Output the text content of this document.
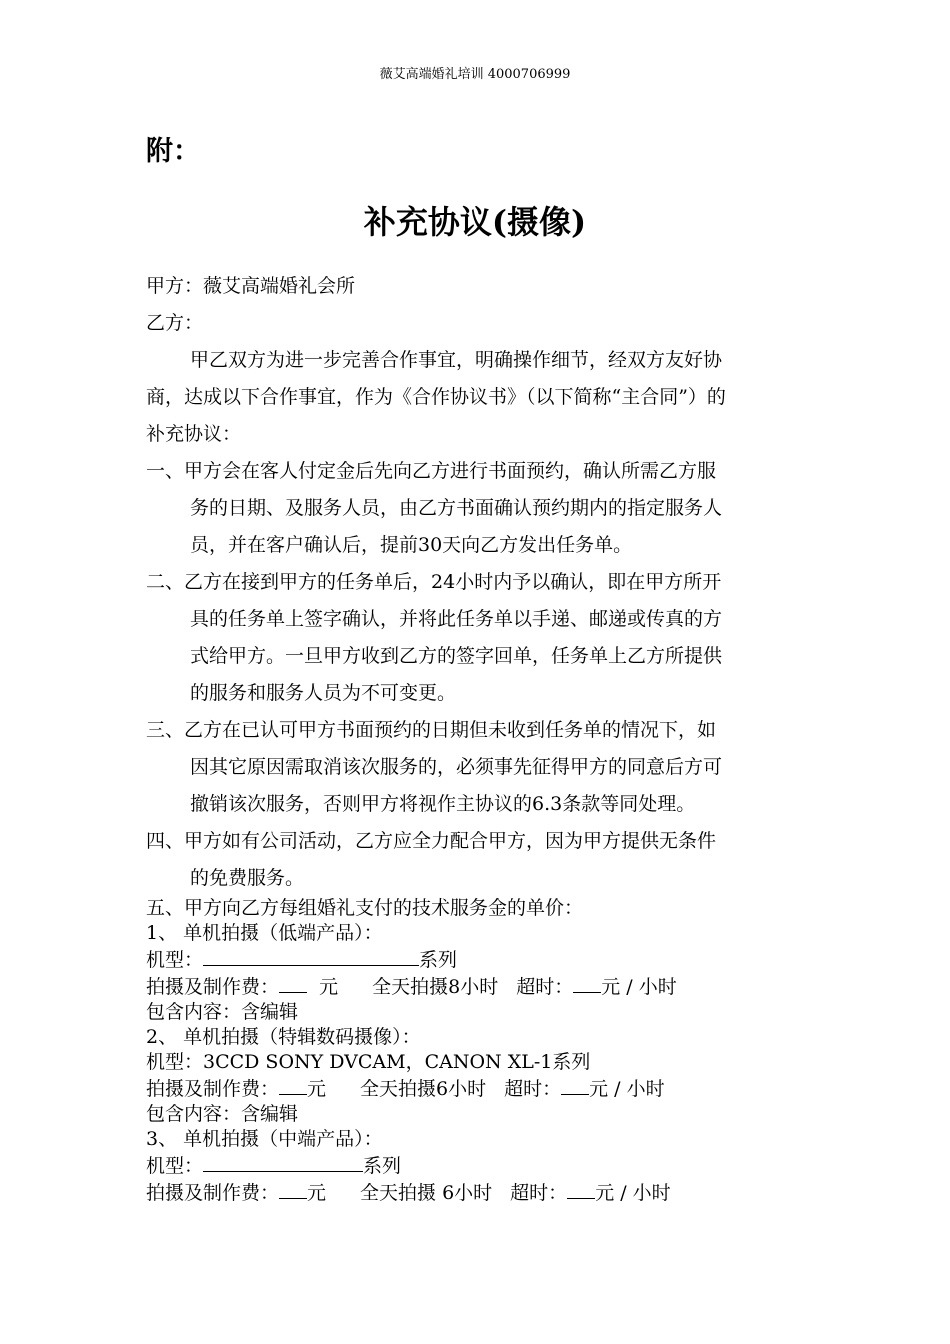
薇艾高端婚礼培训 4000706999
附：
补充协议(摄像)
甲方：薇艾高端婚礼会所
乙方：
甲乙双方为进一步完善合作事宜，明确操作细节，经双方友好协
商，达成以下合作事宜，作为《合作协议书》（以下简称“主合同”）的
补充协议：
一、甲方会在客人付定金后先向乙方进行书面预约，确认所需乙方服
务的日期、及服务人员，由乙方书面确认预约期内的指定服务人
员，并在客户确认后，提前30天向乙方发出任务单。
二、乙方在接到甲方的任务单后，24小时内予以确认，即在甲方所开
具的任务单上签字确认，并将此任务单以手递、邮递或传真的方
式给甲方。一旦甲方收到乙方的签字回单，任务单上乙方所提供
的服务和服务人员为不可变更。
三、乙方在已认可甲方书面预约的日期但未收到任务单的情况下，如
因其它原因需取消该次服务的，必须事先征得甲方的同意后方可
撤销该次服务，否则甲方将视作主协议的6.3条款等同处理。
四、甲方如有公司活动，乙方应全力配合甲方，因为甲方提供无条件
的免费服务。
五、甲方向乙方每组婚礼支付的技术服务金的单价：
1、 单机拍摄（低端产品）：
机型：	系列
拍摄及制作费： 元 全天拍摄8小时 超时： 元 / 小时
包含内容：含编辑
2、 单机拍摄（特辑数码摄像）：
机型：3CCD SONY DVCAM，CANON XL-1系列
拍摄及制作费： 元 全天拍摄6小时 超时： 元 / 小时
包含内容：含编辑
3、 单机拍摄（中端产品）：
机型：	系列
拍摄及制作费： 元 全天拍摄 6小时 超时： 元 / 小时
